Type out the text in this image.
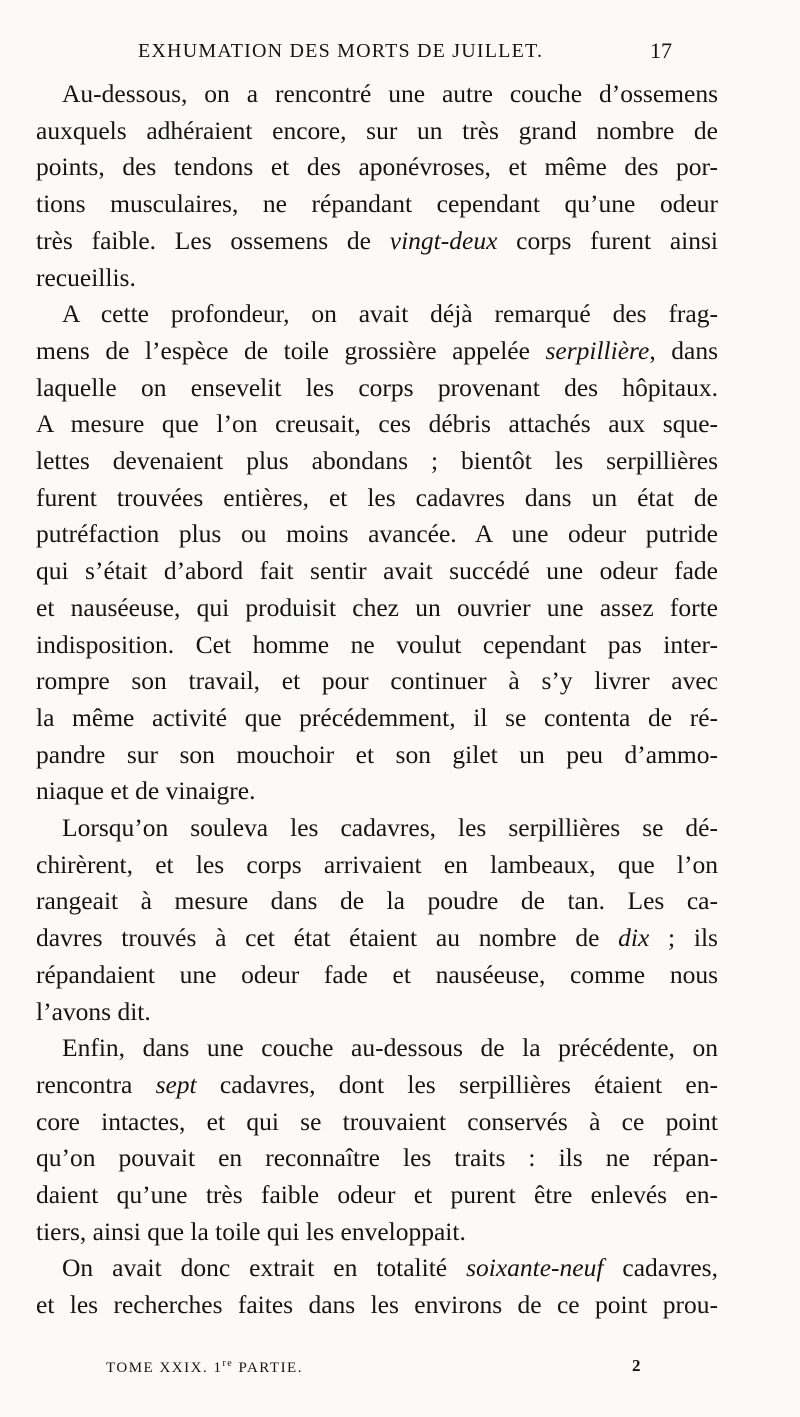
EXHUMATION DES MORTS DE JUILLET.	17
Au-dessous, on a rencontré une autre couche d’ossemens
auxquels adhéraient encore, sur un très grand nombre de
points, des tendons et des aponévroses, et même des por-
tions musculaires, ne répandant cependant qu’une odeur
très faible. Les ossemens de vingt-deux corps furent ainsi
recueillis.
A cette profondeur, on avait déjà remarqué des frag-
mens de l’espèce de toile grossière appelée serpillière, dans
laquelle on ensevelit les corps provenant des hôpitaux.
A mesure que l’on creusait, ces débris attachés aux sque-
lettes devenaient plus abondans ; bientôt les serpillières
furent trouvées entières, et les cadavres dans un état de
putréfaction plus ou moins avancée. A une odeur putride
qui s’était d’abord fait sentir avait succédé une odeur fade
et nauséeuse, qui produisit chez un ouvrier une assez forte
indisposition. Cet homme ne voulut cependant pas inter-
rompre son travail, et pour continuer à s’y livrer avec
la même activité que précédemment, il se contenta de ré-
pandre sur son mouchoir et son gilet un peu d’ammo-
niaque et de vinaigre.
Lorsqu’on souleva les cadavres, les serpillières se dé-
chirèrent, et les corps arrivaient en lambeaux, que l’on
rangeait à mesure dans de la poudre de tan. Les ca-
davres trouvés à cet état étaient au nombre de dix ; ils
répandaient une odeur fade et nauséeuse, comme nous
l’avons dit.
Enfin, dans une couche au-dessous de la précédente, on
rencontra sept cadavres, dont les serpillières étaient en-
core intactes, et qui se trouvaient conservés à ce point
qu’on pouvait en reconnaître les traits : ils ne répan-
daient qu’une très faible odeur et purent être enlevés en-
tiers, ainsi que la toile qui les enveloppait.
On avait donc extrait en totalité soixante-neuf cadavres,
et les recherches faites dans les environs de ce point prou-
TOME XXIX. 1re PARTIE.	2
